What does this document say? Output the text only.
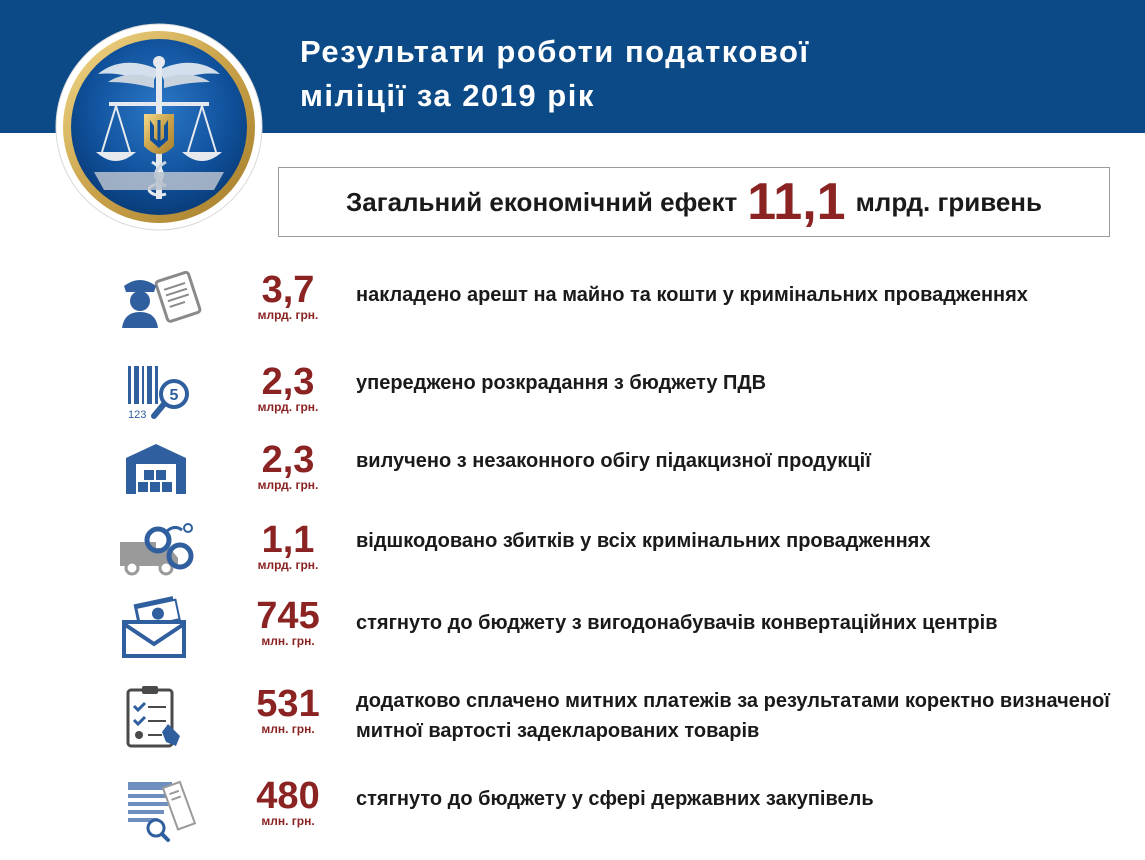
Результати роботи податкової
міліції за 2019 рік
Загальний економічний ефект 11,1 млрд. гривень
3,7
млрд. грн.
накладено арешт на майно та кошти у кримінальних провадженнях
5
123
2,3
млрд. грн.
упереджено розкрадання з бюджету ПДВ
2,3
млрд. грн.
вилучено з незаконного обігу підакцизної продукції
1,1
млрд. грн.
відшкодовано збитків у всіх кримінальних провадженнях
745
млн. грн.
стягнуто до бюджету з вигодонабувачів конвертаційних центрів
531
млн. грн.
додатково сплачено митних платежів за результатами коректно визначеної митної вартості задекларованих товарів
480
млн. грн.
стягнуто до бюджету у сфері державних закупівель
